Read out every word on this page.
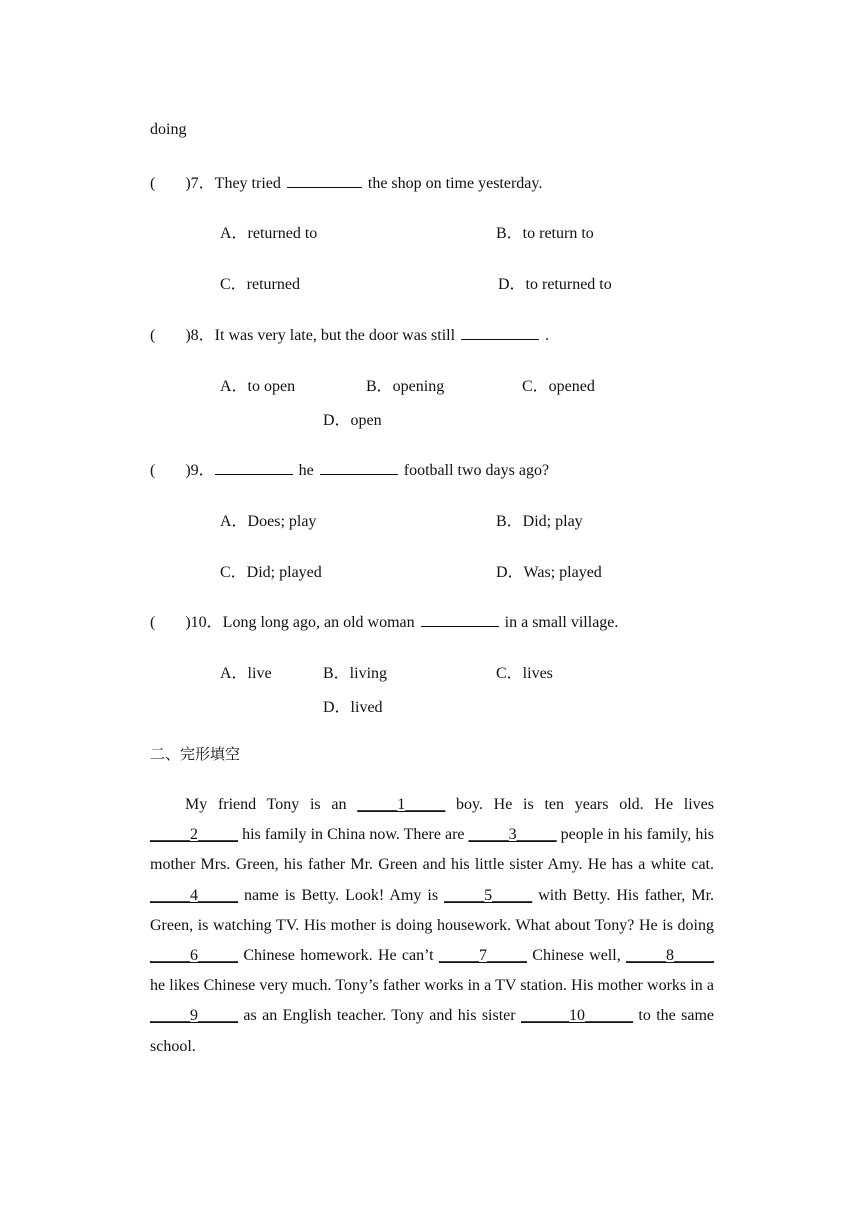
doing
( )7．They tried	the shop on time yesterday.
A．returned to	B．to return to
C．returned	D．to returned to
( )8．It was very late, but the door was still	.
A．to open	B．opening	C．opened
D．open
( )9．	he	football two days ago?
A．Does; play	B．Did; play
C．Did; played	D．Was; played
( )10．Long long ago, an old woman	in a small village.
A．live	B．living	C．lives
D．lived
二、完形填空
My friend Tony is an _____1_____ boy. He is ten years old. He lives _____2_____ his family in China now. There are _____3_____ people in his family, his mother Mrs. Green, his father Mr. Green and his little sister Amy. He has a white cat. _____4_____ name is Betty. Look! Amy is _____5_____ with Betty. His father, Mr. Green, is watching TV. His mother is doing housework. What about Tony? He is doing _____6_____ Chinese homework. He can’t _____7_____ Chinese well, _____8_____ he likes Chinese very much. Tony’s father works in a TV station. His mother works in a _____9_____ as an English teacher. Tony and his sister ______10______ to the same school.
